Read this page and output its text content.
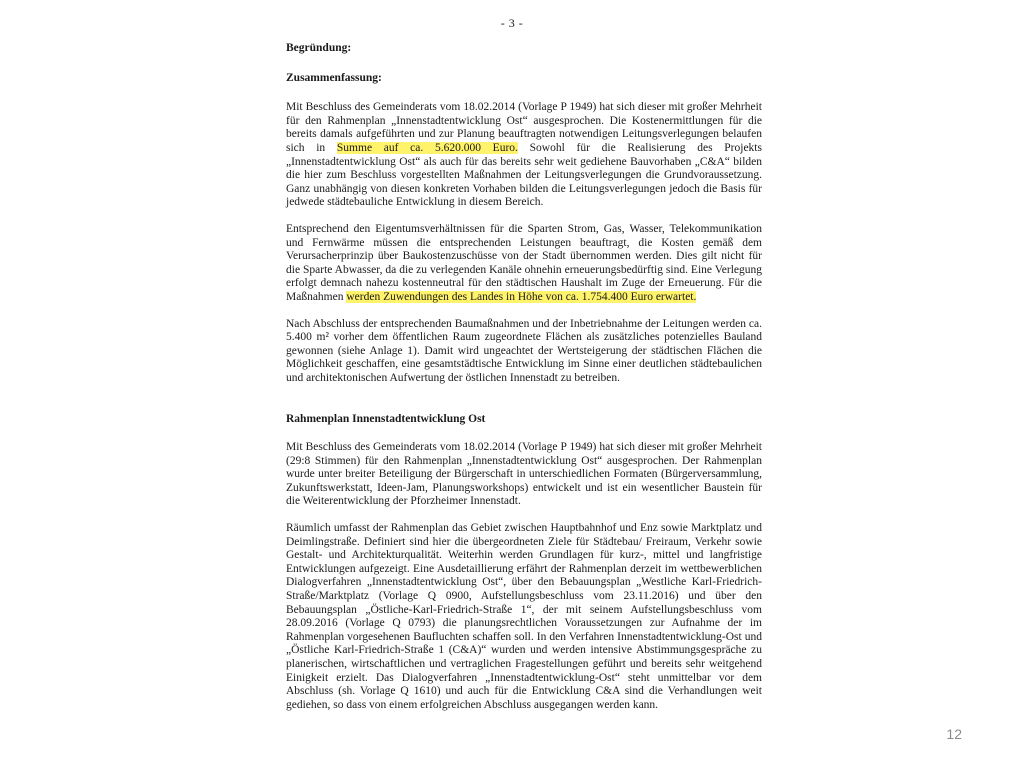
- 3 -
Begründung:
Zusammenfassung:

Mit Beschluss des Gemeinderats vom 18.02.2014 (Vorlage P 1949) hat sich dieser mit großer Mehrheit für den Rahmenplan „Innenstadtentwicklung Ost“ ausgesprochen. Die Kostenermittlungen für die bereits damals aufgeführten und zur Planung beauftragten notwendigen Leitungsverlegungen belaufen sich in Summe auf ca. 5.620.000 Euro. Sowohl für die Realisierung des Projekts „Innenstadtentwicklung Ost“ als auch für das bereits sehr weit gediehene Bauvorhaben „C&A“ bilden die hier zum Beschluss vorgestellten Maßnahmen der Leitungsverlegungen die Grundvoraussetzung. Ganz unabhängig von diesen konkreten Vorhaben bilden die Leitungsverlegungen jedoch die Basis für jedwede städtebauliche Entwicklung in diesem Bereich.

Entsprechend den Eigentumsverhältnissen für die Sparten Strom, Gas, Wasser, Telekommunikation und Fernwärme müssen die entsprechenden Leistungen beauftragt, die Kosten gemäß dem Verursacherprinzip über Baukostenzuschüsse von der Stadt übernommen werden. Dies gilt nicht für die Sparte Abwasser, da die zu verlegenden Kanäle ohnehin erneuerungsbedürftig sind. Eine Verlegung erfolgt demnach nahezu kostenneutral für den städtischen Haushalt im Zuge der Erneuerung. Für die Maßnahmen werden Zuwendungen des Landes in Höhe von ca. 1.754.400 Euro erwartet.

Nach Abschluss der entsprechenden Baumaßnahmen und der Inbetriebnahme der Leitungen werden ca. 5.400 m² vorher dem öffentlichen Raum zugeordnete Flächen als zusätzliches potenzielles Bauland gewonnen (siehe Anlage 1). Damit wird ungeachtet der Wertsteigerung der städtischen Flächen die Möglichkeit geschaffen, eine gesamtstädtische Entwicklung im Sinne einer deutlichen städtebaulichen und architektonischen Aufwertung der östlichen Innenstadt zu betreiben.

Rahmenplan Innenstadtentwicklung Ost

Mit Beschluss des Gemeinderats vom 18.02.2014 (Vorlage P 1949) hat sich dieser mit großer Mehrheit (29:8 Stimmen) für den Rahmenplan „Innenstadtentwicklung Ost“ ausgesprochen. Der Rahmenplan wurde unter breiter Beteiligung der Bürgerschaft in unterschiedlichen Formaten (Bürgerversammlung, Zukunftswerkstatt, Ideen-Jam, Planungsworkshops) entwickelt und ist ein wesentlicher Baustein für die Weiterentwicklung der Pforzheimer Innenstadt.

Räumlich umfasst der Rahmenplan das Gebiet zwischen Hauptbahnhof und Enz sowie Marktplatz und Deimlingstraße. Definiert sind hier die übergeordneten Ziele für Städtebau/ Freiraum, Verkehr sowie Gestalt- und Architekturqualität. Weiterhin werden Grundlagen für kurz-, mittel und langfristige Entwicklungen aufgezeigt. Eine Ausdetaillierung erfährt der Rahmenplan derzeit im wettbewerblichen Dialogverfahren „Innenstadtentwicklung Ost“, über den Bebauungsplan „Westliche Karl-Friedrich-Straße/Marktplatz (Vorlage Q 0900, Aufstellungsbeschluss vom 23.11.2016) und über den Bebauungsplan „Östliche-Karl-Friedrich-Straße 1“, der mit seinem Aufstellungsbeschluss vom 28.09.2016 (Vorlage Q 0793) die planungsrechtlichen Voraussetzungen zur Aufnahme der im Rahmenplan vorgesehenen Baufluchten schaffen soll. In den Verfahren Innenstadtentwicklung-Ost und „Östliche Karl-Friedrich-Straße 1 (C&A)“ wurden und werden intensive Abstimmungsgespräche zu planerischen, wirtschaftlichen und vertraglichen Fragestellungen geführt und bereits sehr weitgehend Einigkeit erzielt. Das Dialogverfahren „Innenstadtentwicklung-Ost“ steht unmittelbar vor dem Abschluss (sh. Vorlage Q 1610) und auch für die Entwicklung C&A sind die Verhandlungen weit gediehen, so dass von einem erfolgreichen Abschluss ausgegangen werden kann.

12
